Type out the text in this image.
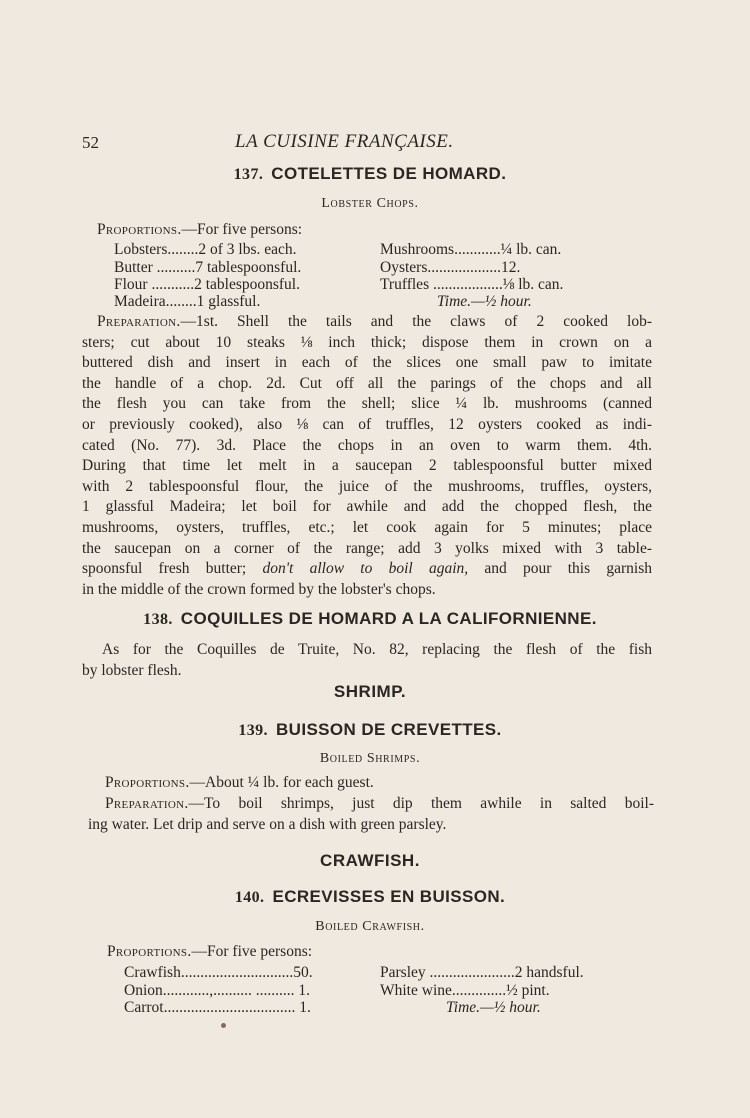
52	LA CUISINE FRANÇAISE.
137. COTELETTES DE HOMARD.
Lobster Chops.
Proportions.—For five persons:
Lobsters........2 of 3 lbs. each.
Butter ..........7 tablespoonsful.
Flour ...........2 tablespoonsful.
Madeira........1 glassful.
Mushrooms............¼ lb. can.
Oysters...................12.
Truffles ..................⅛ lb. can.
Time.—½ hour.
Preparation.—1st. Shell the tails and the claws of 2 cooked lob-
sters; cut about 10 steaks ⅛ inch thick; dispose them in crown on a
buttered dish and insert in each of the slices one small paw to imitate
the handle of a chop. 2d. Cut off all the parings of the chops and all
the flesh you can take from the shell; slice ¼ lb. mushrooms (canned
or previously cooked), also ⅛ can of truffles, 12 oysters cooked as indi-
cated (No. 77). 3d. Place the chops in an oven to warm them. 4th.
During that time let melt in a saucepan 2 tablespoonsful butter mixed
with 2 tablespoonsful flour, the juice of the mushrooms, truffles, oysters,
1 glassful Madeira; let boil for awhile and add the chopped flesh, the
mushrooms, oysters, truffles, etc.; let cook again for 5 minutes; place
the saucepan on a corner of the range; add 3 yolks mixed with 3 table-
spoonsful fresh butter; don't allow to boil again, and pour this garnish
in the middle of the crown formed by the lobster's chops.
138. COQUILLES DE HOMARD A LA CALIFORNIENNE.
As for the Coquilles de Truite, No. 82, replacing the flesh of the fish
by lobster flesh.
SHRIMP.
139. BUISSON DE CREVETTES.
Boiled Shrimps.
Proportions.—About ¼ lb. for each guest.
Preparation.—To boil shrimps, just dip them awhile in salted boil-
ing water. Let drip and serve on a dish with green parsley.
CRAWFISH.
140. ECREVISSES EN BUISSON.
Boiled Crawfish.
Proportions.—For five persons:
Crawfish.............................50.
Onion............,.......... .......... 1.
Carrot.................................. 1.
Parsley ......................2 handsful.
White wine..............½ pint.
Time.—½ hour.
